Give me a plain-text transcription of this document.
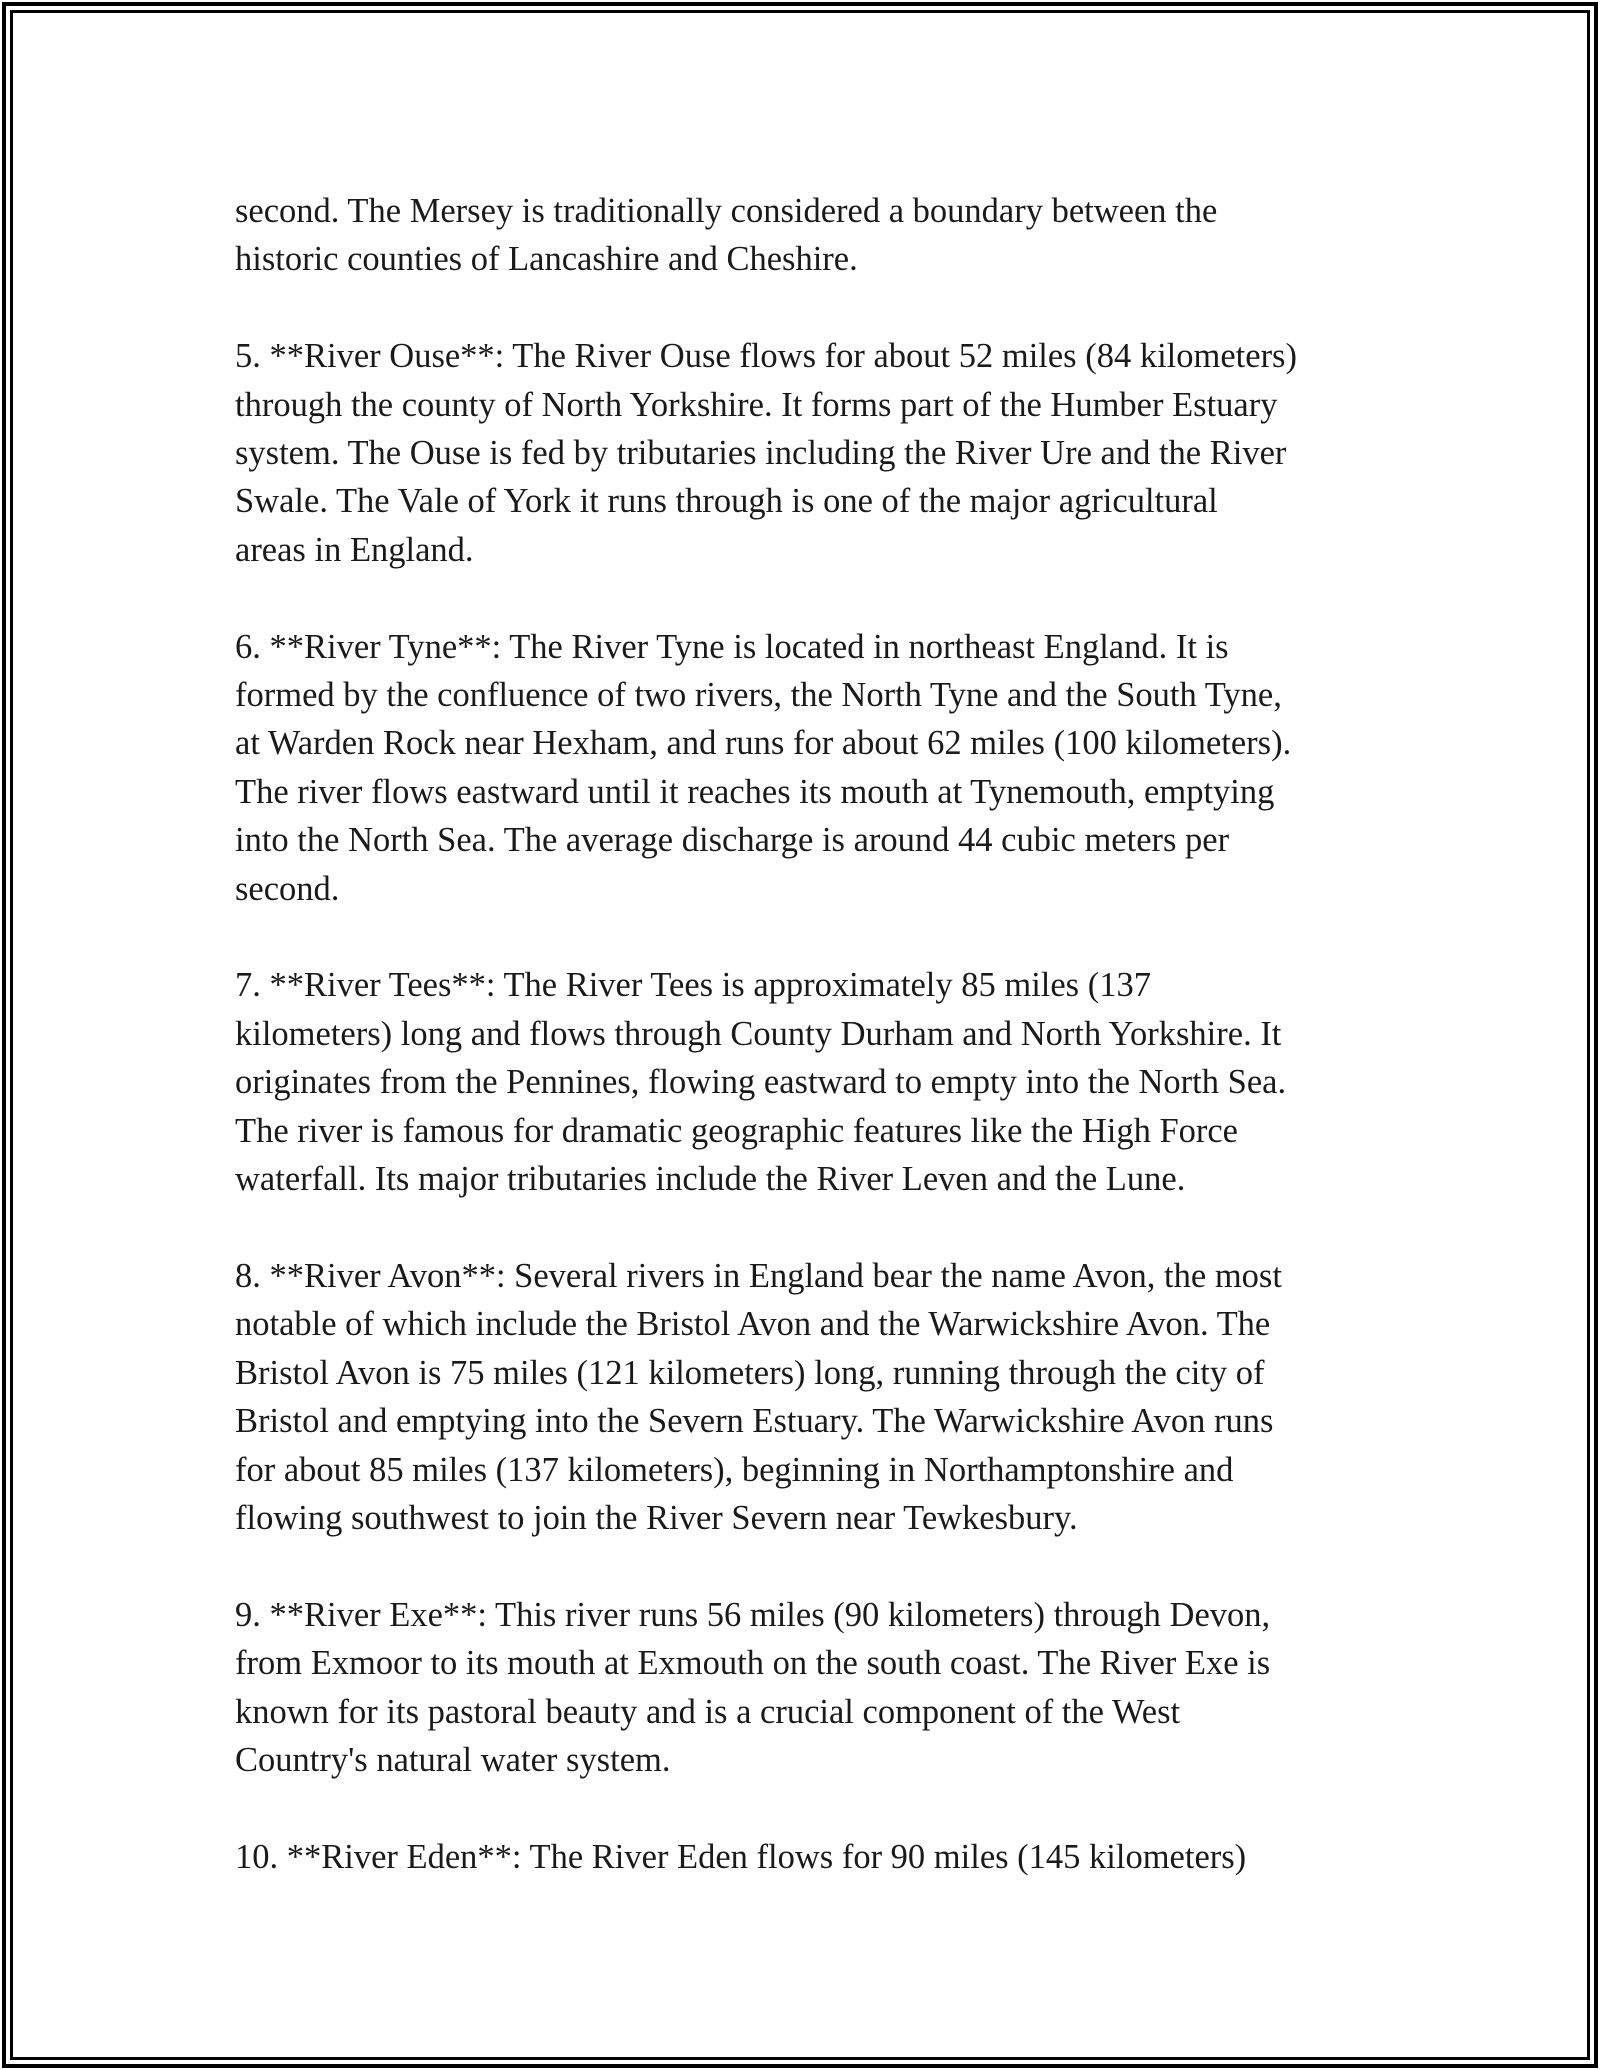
second. The Mersey is traditionally considered a boundary between the
historic counties of Lancashire and Cheshire.

5. **River Ouse**: The River Ouse flows for about 52 miles (84 kilometers)
through the county of North Yorkshire. It forms part of the Humber Estuary
system. The Ouse is fed by tributaries including the River Ure and the River
Swale. The Vale of York it runs through is one of the major agricultural
areas in England.

6. **River Tyne**: The River Tyne is located in northeast England. It is
formed by the confluence of two rivers, the North Tyne and the South Tyne,
at Warden Rock near Hexham, and runs for about 62 miles (100 kilometers).
The river flows eastward until it reaches its mouth at Tynemouth, emptying
into the North Sea. The average discharge is around 44 cubic meters per
second.

7. **River Tees**: The River Tees is approximately 85 miles (137
kilometers) long and flows through County Durham and North Yorkshire. It
originates from the Pennines, flowing eastward to empty into the North Sea.
The river is famous for dramatic geographic features like the High Force
waterfall. Its major tributaries include the River Leven and the Lune.

8. **River Avon**: Several rivers in England bear the name Avon, the most
notable of which include the Bristol Avon and the Warwickshire Avon. The
Bristol Avon is 75 miles (121 kilometers) long, running through the city of
Bristol and emptying into the Severn Estuary. The Warwickshire Avon runs
for about 85 miles (137 kilometers), beginning in Northamptonshire and
flowing southwest to join the River Severn near Tewkesbury.

9. **River Exe**: This river runs 56 miles (90 kilometers) through Devon,
from Exmoor to its mouth at Exmouth on the south coast. The River Exe is
known for its pastoral beauty and is a crucial component of the West
Country's natural water system.

10. **River Eden**: The River Eden flows for 90 miles (145 kilometers)
